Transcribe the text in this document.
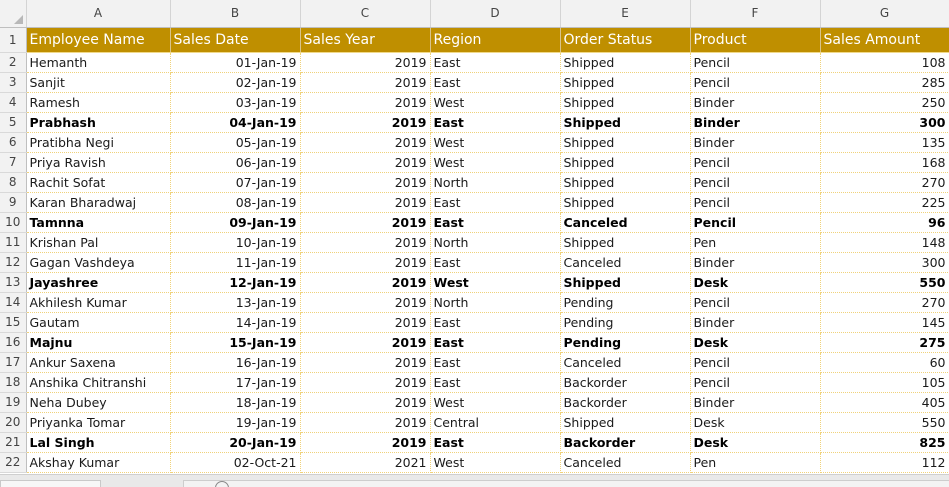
	A	B	C	D	E	F	G
1	Employee Name	Sales Date	Sales Year	Region	Order Status	Product	Sales Amount
2	Hemanth	01-Jan-19	2019	East	Shipped	Pencil	108
3	Sanjit	02-Jan-19	2019	East	Shipped	Pencil	285
4	Ramesh	03-Jan-19	2019	West	Shipped	Binder	250
5	Prabhash	04-Jan-19	2019	East	Shipped	Binder	300
6	Pratibha Negi	05-Jan-19	2019	West	Shipped	Binder	135
7	Priya Ravish	06-Jan-19	2019	West	Shipped	Pencil	168
8	Rachit Sofat	07-Jan-19	2019	North	Shipped	Pencil	270
9	Karan Bharadwaj	08-Jan-19	2019	East	Shipped	Pencil	225
10	Tamnna	09-Jan-19	2019	East	Canceled	Pencil	96
11	Krishan Pal	10-Jan-19	2019	North	Shipped	Pen	148
12	Gagan Vashdeya	11-Jan-19	2019	East	Canceled	Binder	300
13	Jayashree	12-Jan-19	2019	West	Shipped	Desk	550
14	Akhilesh Kumar	13-Jan-19	2019	North	Pending	Pencil	270
15	Gautam	14-Jan-19	2019	East	Pending	Binder	145
16	Majnu	15-Jan-19	2019	East	Pending	Desk	275
17	Ankur Saxena	16-Jan-19	2019	East	Canceled	Pencil	60
18	Anshika Chitranshi	17-Jan-19	2019	East	Backorder	Pencil	105
19	Neha Dubey	18-Jan-19	2019	West	Backorder	Binder	405
20	Priyanka Tomar	19-Jan-19	2019	Central	Shipped	Desk	550
21	Lal Singh	20-Jan-19	2019	East	Backorder	Desk	825
22	Akshay Kumar	02-Oct-21	2021	West	Canceled	Pen	112
